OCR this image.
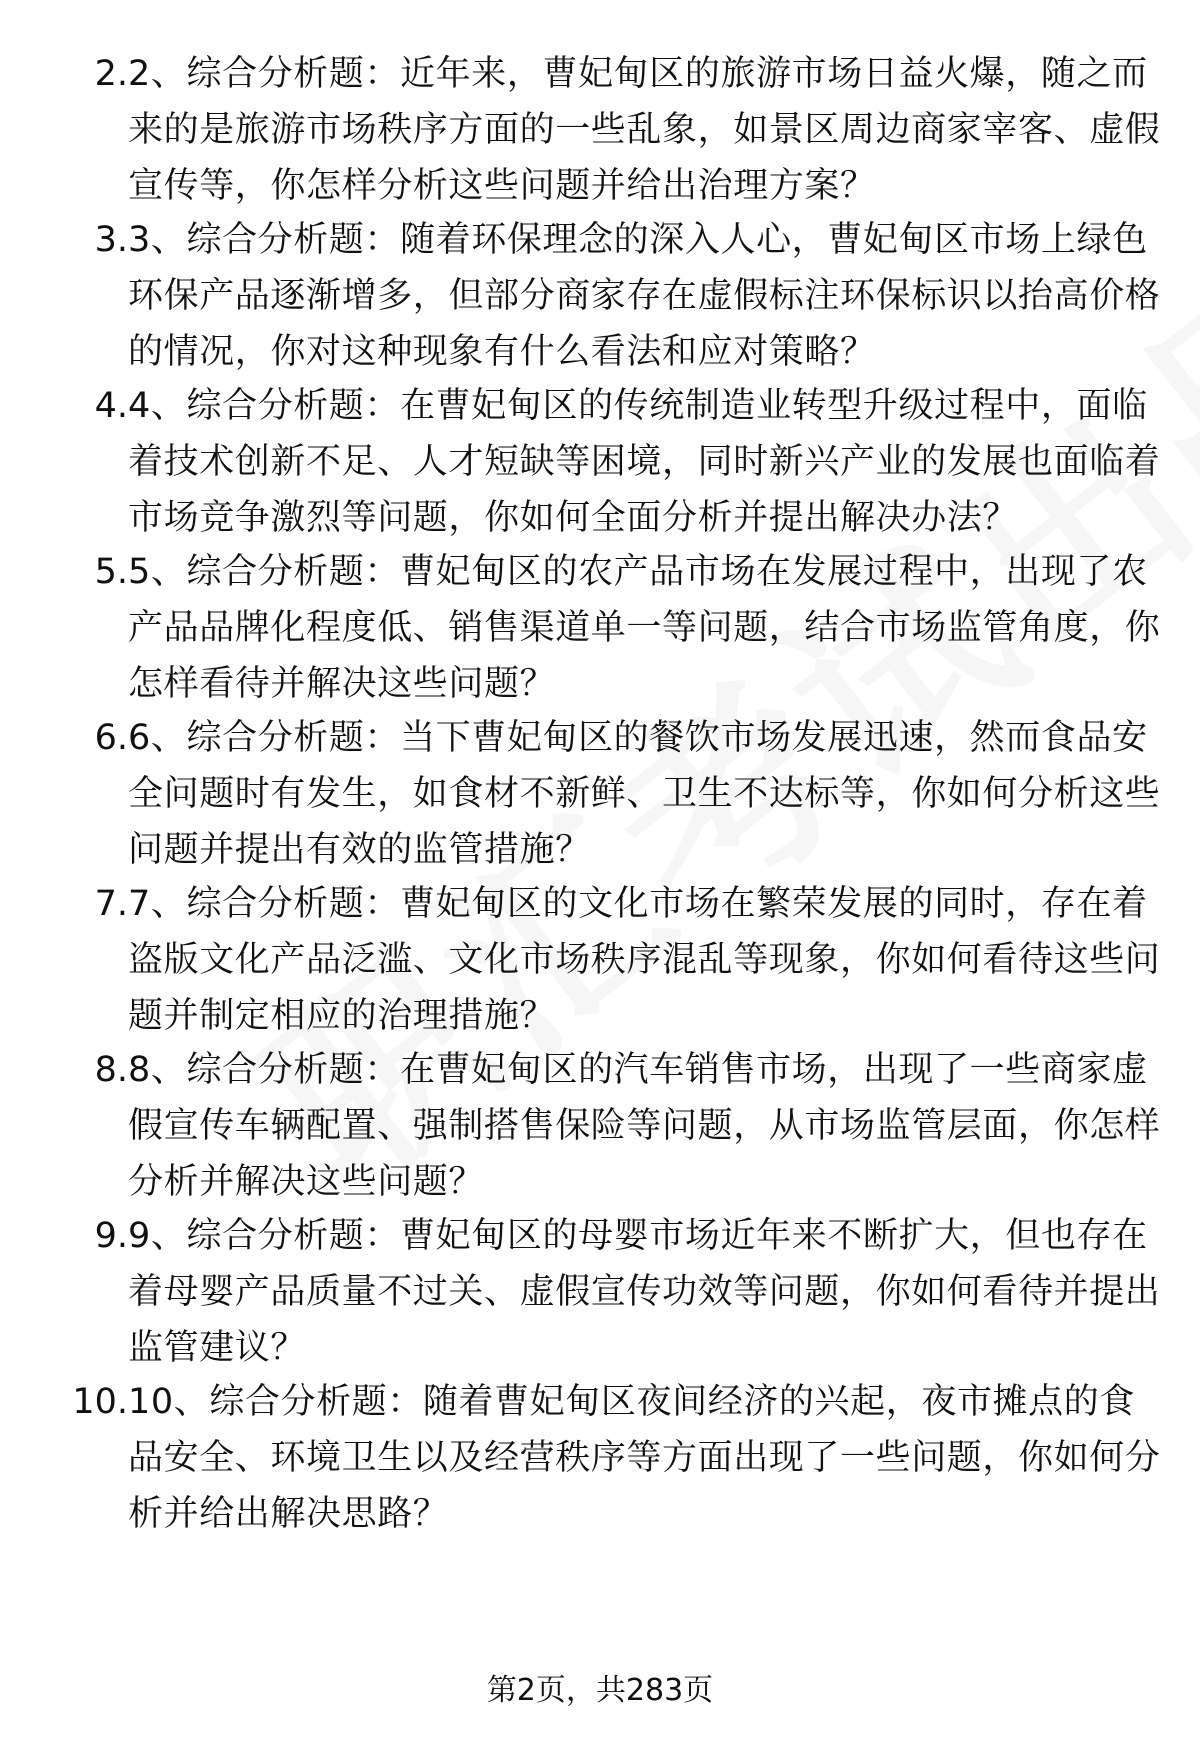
2. 2、综合分析题：近年来，曹妃甸区的旅游市场日益火爆，随之而来的是旅游市场秩序方面的一些乱象，如景区周边商家宰客、虚假宣传等，你怎样分析这些问题并给出治理方案？

3. 3、综合分析题：随着环保理念的深入人心，曹妃甸区市场上绿色环保产品逐渐增多，但部分商家存在虚假标注环保标识以抬高价格的情况，你对这种现象有什么看法和应对策略？

4. 4、综合分析题：在曹妃甸区的传统制造业转型升级过程中，面临着技术创新不足、人才短缺等困境，同时新兴产业的发展也面临着市场竞争激烈等问题，你如何全面分析并提出解决办法？

5. 5、综合分析题：曹妃甸区的农产品市场在发展过程中，出现了农产品品牌化程度低、销售渠道单一等问题，结合市场监管角度，你怎样看待并解决这些问题？

6. 6、综合分析题：当下曹妃甸区的餐饮市场发展迅速，然而食品安全问题时有发生，如食材不新鲜、卫生不达标等，你如何分析这些问题并提出有效的监管措施？

7. 7、综合分析题：曹妃甸区的文化市场在繁荣发展的同时，存在着盗版文化产品泛滥、文化市场秩序混乱等现象，你如何看待这些问题并制定相应的治理措施？

8. 8、综合分析题：在曹妃甸区的汽车销售市场，出现了一些商家虚假宣传车辆配置、强制搭售保险等问题，从市场监管层面，你怎样分析并解决这些问题？

9. 9、综合分析题：曹妃甸区的母婴市场近年来不断扩大，但也存在着母婴产品质量不过关、虚假宣传功效等问题，你如何看待并提出监管建议？

10. 10、综合分析题：随着曹妃甸区夜间经济的兴起，夜市摊点的食品安全、环境卫生以及经营秩序等方面出现了一些问题，你如何分析并给出解决思路？

第2页，共283页
